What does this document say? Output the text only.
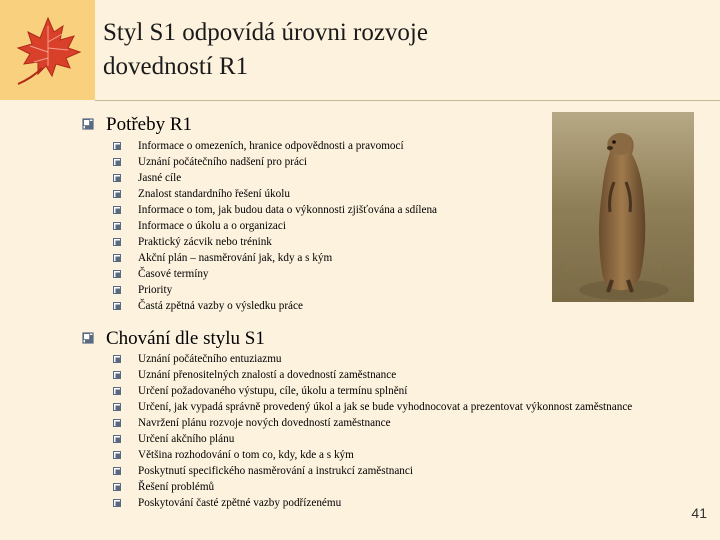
Styl S1 odpovídá úrovni rozvoje dovedností R1
Potřeby R1
Informace o omezeních, hranice odpovědnosti a pravomocí
Uznání počátečního nadšení pro práci
Jasné cíle
Znalost standardního řešení úkolu
Informace o tom, jak budou data o výkonnosti zjišťována a sdílena
Informace o úkolu a o organizaci
Praktický zácvik nebo trénink
Akční plán – nasměrování jak, kdy a s kým
Časové termíny
Priority
Častá zpětná vazby o výsledku práce
Chování dle stylu S1
Uznání počátečního entuziazmu
Uznání přenositelných znalostí a dovedností zaměstnance
Určení požadovaného výstupu, cíle, úkolu a termínu splnění
Určení, jak vypadá správně provedený úkol a jak se bude vyhodnocovat a prezentovat výkonnost zaměstnance
Navržení plánu rozvoje nových dovedností zaměstnance
Určení akčního plánu
Většina rozhodování o tom co, kdy, kde a s kým
Poskytnutí specifického nasměrování a instrukcí zaměstnanci
Řešení problémů
Poskytování časté zpětné vazby podřízenému
41
